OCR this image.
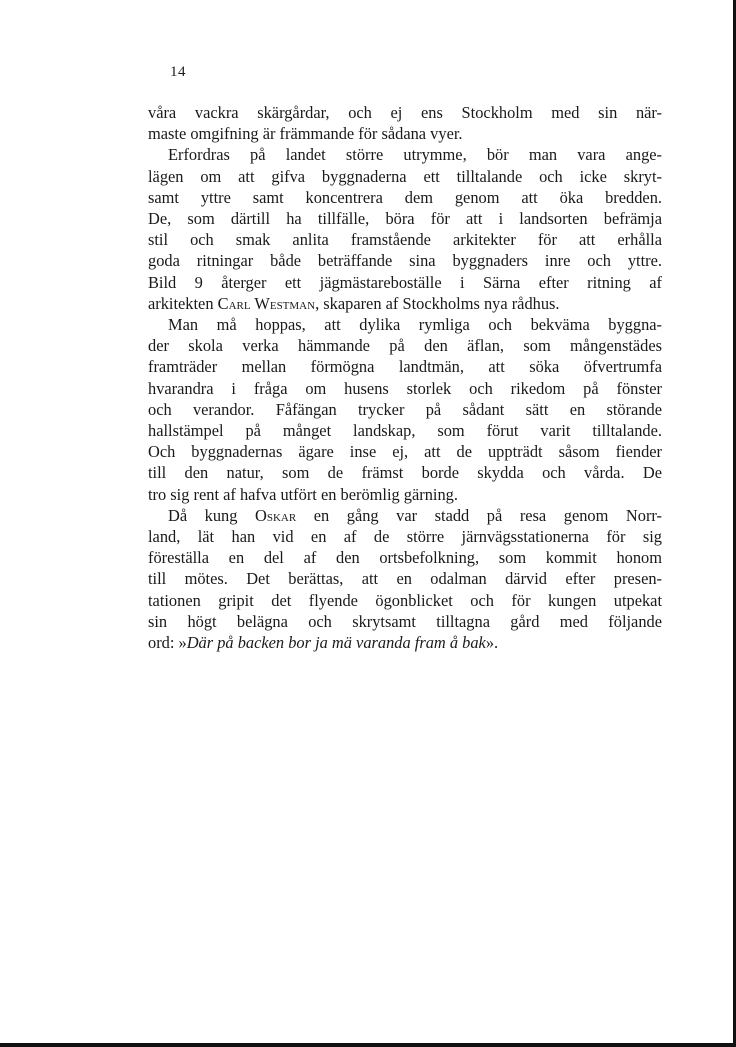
14
våra vackra skärgårdar, och ej ens Stockholm med sin när-
maste omgifning är främmande för sådana vyer.
Erfordras på landet större utrymme, bör man vara ange-
lägen om att gifva byggnaderna ett tilltalande och icke skryt-
samt yttre samt koncentrera dem genom att öka bredden.
De, som därtill ha tillfälle, böra för att i landsorten befrämja
stil och smak anlita framstående arkitekter för att erhålla
goda ritningar både beträffande sina byggnaders inre och yttre.
Bild 9 återger ett jägmästareboställe i Särna efter ritning af
arkitekten Carl Westman, skaparen af Stockholms nya rådhus.
Man må hoppas, att dylika rymliga och bekväma byggna-
der skola verka hämmande på den äflan, som mångenstädes
framträder mellan förmögna landtmän, att söka öfvertrumfa
hvarandra i fråga om husens storlek och rikedom på fönster
och verandor. Fåfängan trycker på sådant sätt en störande
hallstämpel på månget landskap, som förut varit tilltalande.
Och byggnadernas ägare inse ej, att de uppträdt såsom fiender
till den natur, som de främst borde skydda och vårda. De
tro sig rent af hafva utfört en berömlig gärning.
Då kung Oskar en gång var stadd på resa genom Norr-
land, lät han vid en af de större järnvägsstationerna för sig
föreställa en del af den ortsbefolkning, som kommit honom
till mötes. Det berättas, att en odalman därvid efter presen-
tationen gripit det flyende ögonblicket och för kungen utpekat
sin högt belägna och skrytsamt tilltagna gård med följande
ord: »Där på backen bor ja mä varanda fram å bak».
